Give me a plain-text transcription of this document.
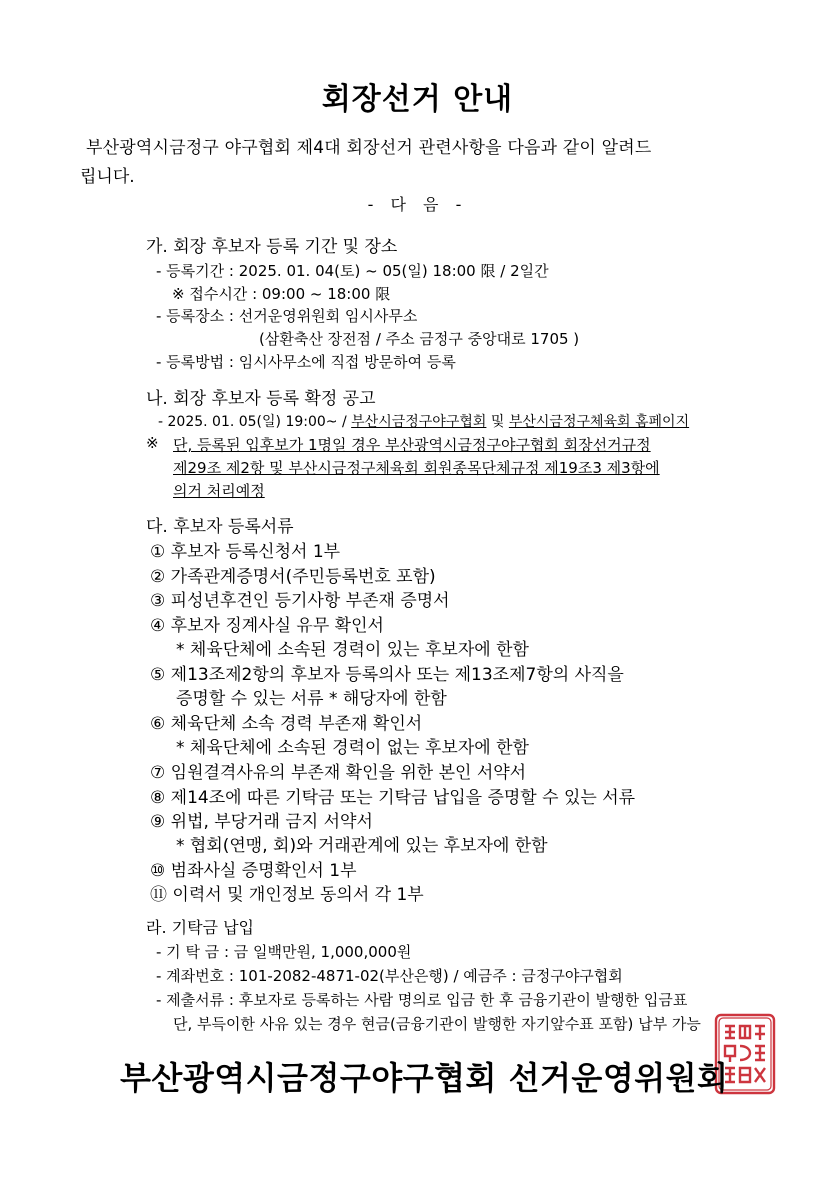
회장선거 안내
부산광역시금정구 야구협회 제4대 회장선거 관련사항을 다음과 같이 알려드
립니다.
- 다 음 -
가. 회장 후보자 등록 기간 및 장소
- 등록기간 : 2025. 01. 04(토) ~ 05(일) 18:00 限 / 2일간
※ 접수시간 : 09:00 ~ 18:00 限
- 등록장소 : 선거운영위원회 임시사무소
(삼환축산 장전점 / 주소 금정구 중앙대로 1705 )
- 등록방법 : 임시사무소에 직접 방문하여 등록
나. 회장 후보자 등록 확정 공고
- 2025. 01. 05(일) 19:00~ / 부산시금정구야구협회 및 부산시금정구체육회 홈페이지
※ 단, 등록된 입후보가 1명일 경우 부산광역시금정구야구협회 회장선거규정
제29조 제2항 및 부산시금정구체육회 회원종목단체규정 제19조3 제3항에
의거 처리예정
다. 후보자 등록서류
① 후보자 등록신청서 1부
② 가족관계증명서(주민등록번호 포함)
③ 피성년후견인 등기사항 부존재 증명서
④ 후보자 징계사실 유무 확인서
* 체육단체에 소속된 경력이 있는 후보자에 한함
⑤ 제13조제2항의 후보자 등록의사 또는 제13조제7항의 사직을
증명할 수 있는 서류 * 해당자에 한함
⑥ 체육단체 소속 경력 부존재 확인서
* 체육단체에 소속된 경력이 없는 후보자에 한함
⑦ 임원결격사유의 부존재 확인을 위한 본인 서약서
⑧ 제14조에 따른 기탁금 또는 기탁금 납입을 증명할 수 있는 서류
⑨ 위법, 부당거래 금지 서약서
* 협회(연맹, 회)와 거래관계에 있는 후보자에 한함
⑩ 범좌사실 증명확인서 1부
⑪ 이력서 및 개인정보 동의서 각 1부
라. 기탁금 납입
- 기 탁 금 : 금 일백만원, 1,000,000원
- 계좌번호 : 101-2082-4871-02(부산은행) / 예금주 : 금정구야구협회
- 제출서류 : 후보자로 등록하는 사람 명의로 입금 한 후 금융기관이 발행한 입금표
단, 부득이한 사유 있는 경우 현금(금융기관이 발행한 자기앞수표 포함) 납부 가능
부산광역시금정구야구협회 선거운영위원회
